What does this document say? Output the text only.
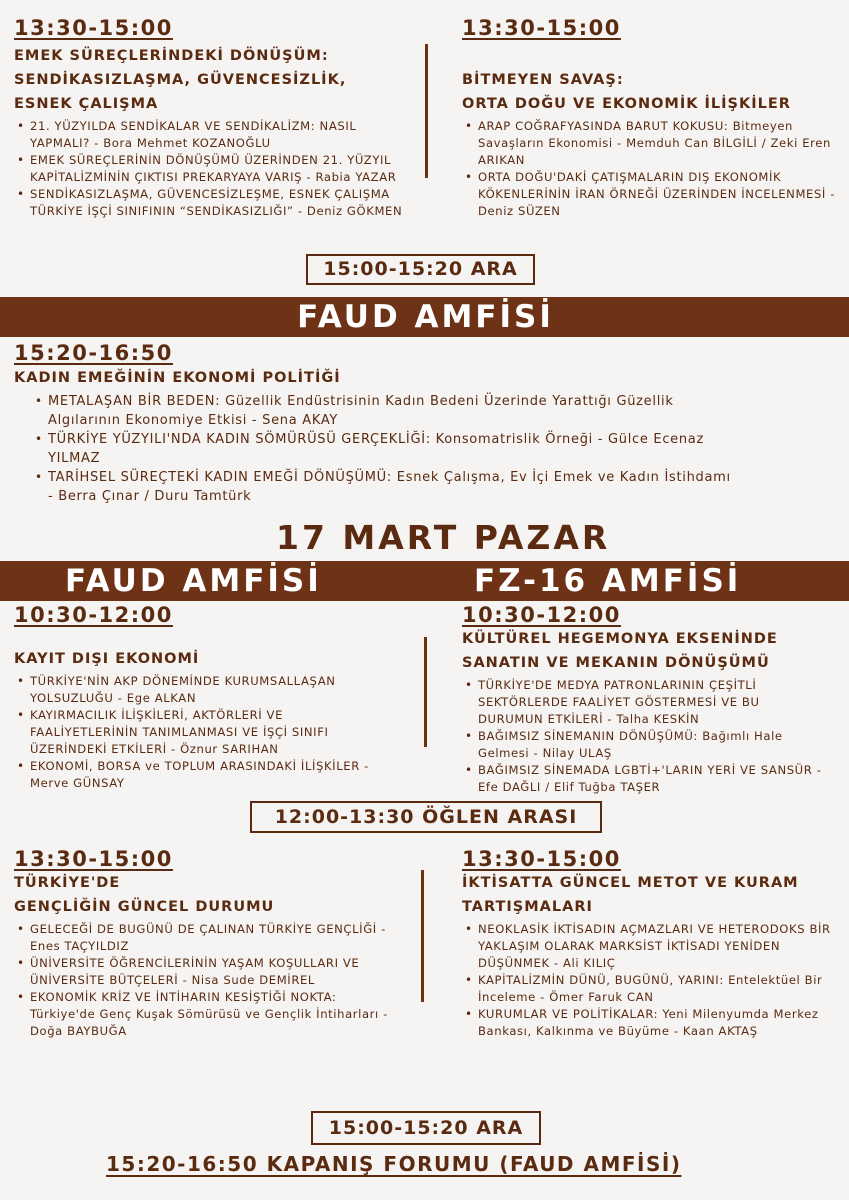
13:30-15:00
EMEK SÜREÇLERİNDEKİ DÖNÜŞÜM:
SENDİKASIZLAŞMA, GÜVENCESİZLİK,
ESNEK ÇALIŞMA
• 21. YÜZYILDA SENDİKALAR VE SENDİKALİZM: NASIL YAPMALI? - Bora Mehmet KOZANOĞLU
• EMEK SÜREÇLERİNİN DÖNÜŞÜMÜ ÜZERİNDEN 21. YÜZYIL KAPİTALİZMİNİN ÇIKTISI PREKARYAYA VARIŞ - Rabia YAZAR
• SENDİKASIZLAŞMA, GÜVENCESİZLEŞME, ESNEK ÇALIŞMA TÜRKİYE İŞÇİ SINIFININ “SENDİKASIZLIĞI” - Deniz GÖKMEN
13:30-15:00
BİTMEYEN SAVAŞ:
ORTA DOĞU VE EKONOMİK İLİŞKİLER
• ARAP COĞRAFYASINDA BARUT KOKUSU: Bitmeyen Savaşların Ekonomisi - Memduh Can BİLGİLİ / Zeki Eren ARIKAN
• ORTA DOĞU'DAKİ ÇATIŞMALARIN DIŞ EKONOMİK KÖKENLERİNİN İRAN ÖRNEĞİ ÜZERİNDEN İNCELENMESİ - Deniz SÜZEN
15:00-15:20 ARA
FAUD AMFİSİ
15:20-16:50
KADIN EMEĞİNİN EKONOMİ POLİTİĞİ
• METALAŞAN BİR BEDEN: Güzellik Endüstrisinin Kadın Bedeni Üzerinde Yarattığı Güzellik Algılarının Ekonomiye Etkisi - Sena AKAY
• TÜRKİYE YÜZYILI'NDA KADIN SÖMÜRÜSÜ GERÇEKLİĞİ: Konsomatrislik Örneği - Gülce Ecenaz YILMAZ
• TARİHSEL SÜREÇTEKİ KADIN EMEĞİ DÖNÜŞÜMÜ: Esnek Çalışma, Ev İçi Emek ve Kadın İstihdamı - Berra Çınar / Duru Tamtürk
17 MART PAZAR
FAUD AMFİSİ	FZ-16 AMFİSİ
10:30-12:00
KAYIT DIŞI EKONOMİ
• TÜRKİYE'NİN AKP DÖNEMİNDE KURUMSALLAŞAN YOLSUZLUĞU - Ege ALKAN
• KAYIRMACILIK İLİŞKİLERİ, AKTÖRLERİ VE FAALİYETLERİNİN TANIMLANMASI VE İŞÇİ SINIFI ÜZERİNDEKİ ETKİLERİ - Öznur SARIHAN
• EKONOMİ, BORSA ve TOPLUM ARASINDAKİ İLİŞKİLER - Merve GÜNSAY
10:30-12:00
KÜLTÜREL HEGEMONYA EKSENİNDE
SANATIN VE MEKANIN DÖNÜŞÜMÜ
• TÜRKİYE'DE MEDYA PATRONLARININ ÇEŞİTLİ SEKTÖRLERDE FAALİYET GÖSTERMESİ VE BU DURUMUN ETKİLERİ - Talha KESKİN
• BAĞIMSIZ SİNEMANIN DÖNÜŞÜMÜ: Bağımlı Hale Gelmesi - Nilay ULAŞ
• BAĞIMSIZ SİNEMADA LGBTİ+'LARIN YERİ VE SANSÜR - Efe DAĞLI / Elif Tuğba TAŞER
12:00-13:30 ÖĞLEN ARASI
13:30-15:00
TÜRKİYE'DE
GENÇLİĞİN GÜNCEL DURUMU
• GELECEĞİ DE BUGÜNÜ DE ÇALINAN TÜRKİYE GENÇLİĞİ - Enes TAÇYILDIZ
• ÜNİVERSİTE ÖĞRENCİLERİNİN YAŞAM KOŞULLARI VE ÜNİVERSİTE BÜTÇELERİ - Nisa Sude DEMİREL
• EKONOMİK KRİZ VE İNTİHARIN KESİŞTİĞİ NOKTA: Türkiye'de Genç Kuşak Sömürüsü ve Gençlik İntiharları - Doğa BAYBUĞA
13:30-15:00
İKTİSATTA GÜNCEL METOT VE KURAM
TARTIŞMALARI
• NEOKLASİK İKTİSADIN AÇMAZLARI VE HETERODOKS BİR YAKLAŞIM OLARAK MARKSİST İKTİSADI YENİDEN DÜŞÜNMEK - Ali KILIÇ
• KAPİTALİZMİN DÜNÜ, BUGÜNÜ, YARINI: Entelektüel Bir İnceleme - Ömer Faruk CAN
• KURUMLAR VE POLİTİKALAR: Yeni Milenyumda Merkez Bankası, Kalkınma ve Büyüme - Kaan AKTAŞ
15:00-15:20 ARA
15:20-16:50 KAPANIŞ FORUMU (FAUD AMFİSİ)
